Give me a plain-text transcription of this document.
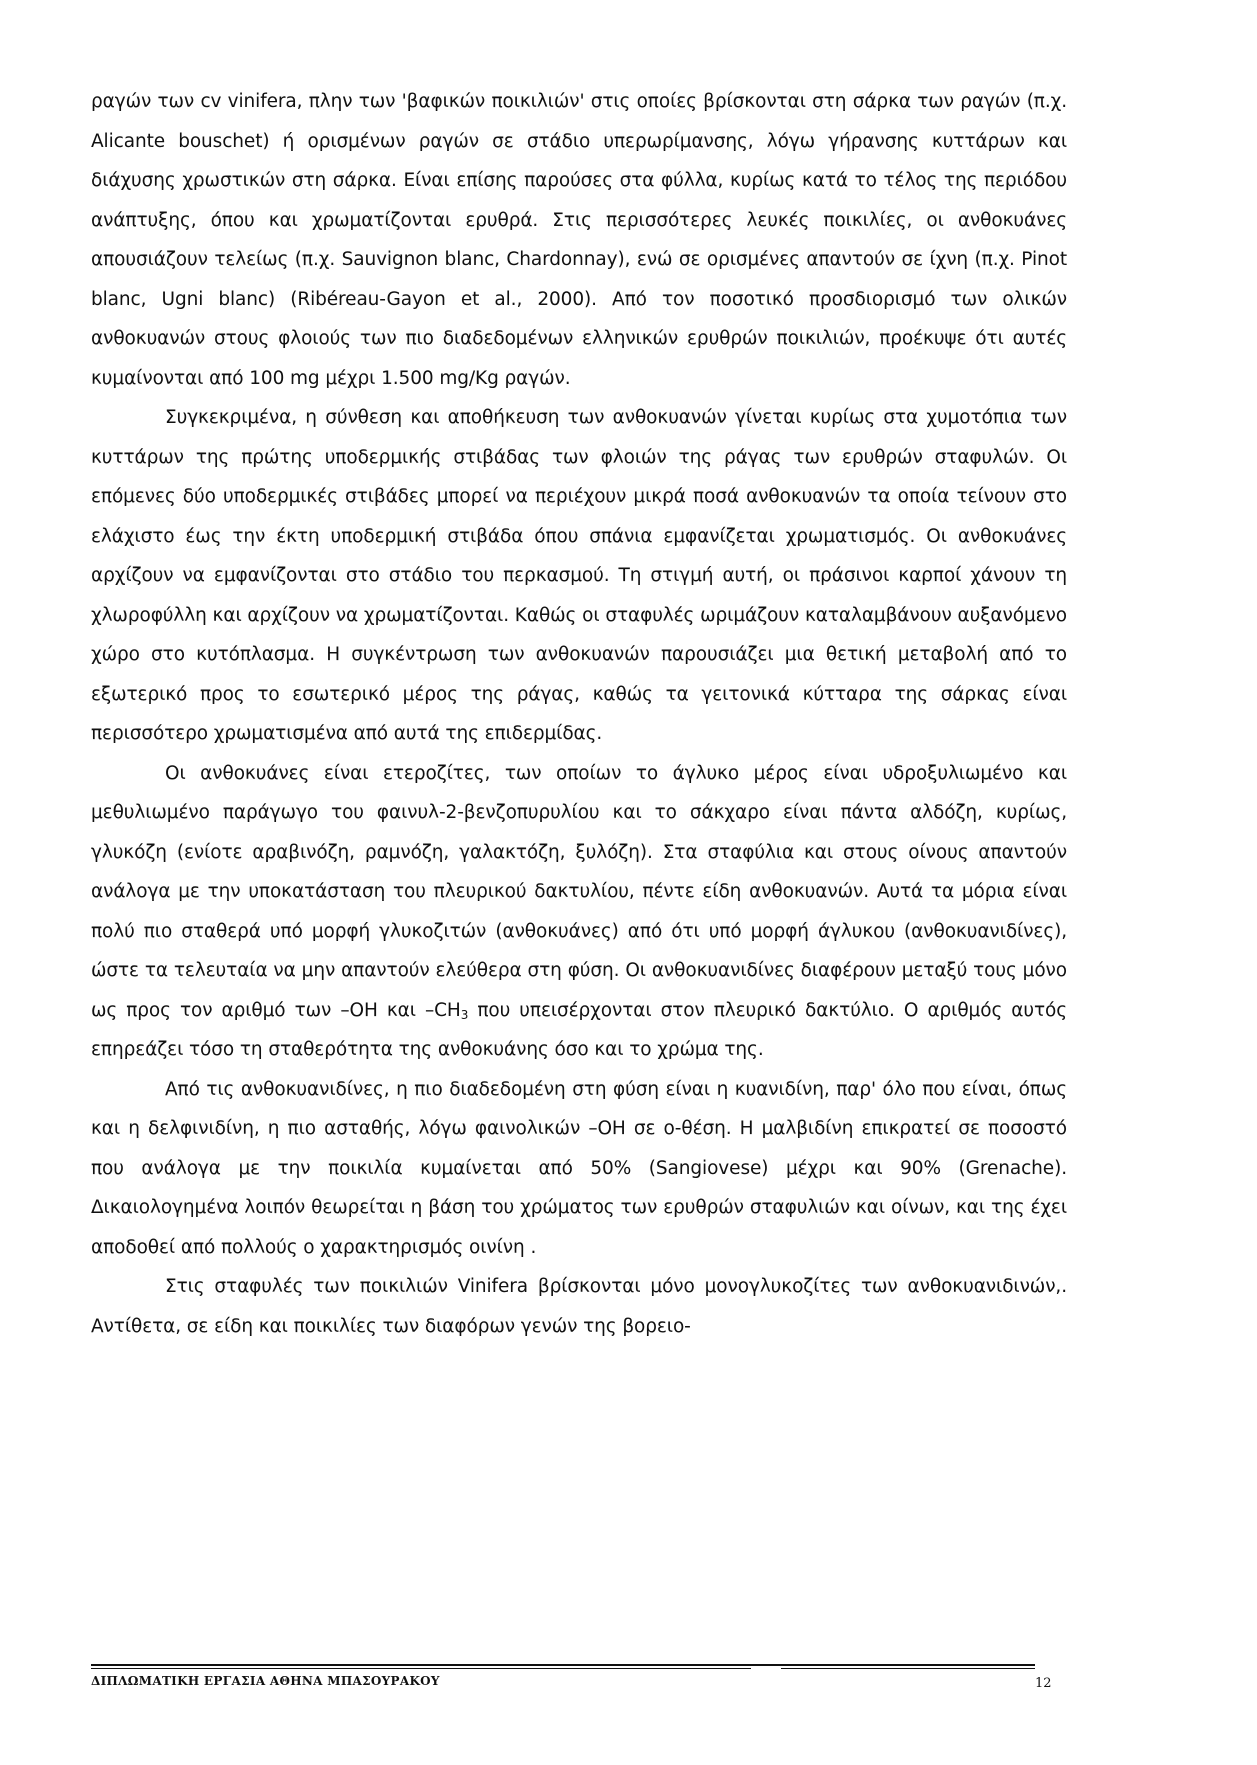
ραγών των cv vinifera, πλην των 'βαφικών ποικιλιών' στις οποίες βρίσκονται στη σάρκα των ραγών (π.χ. Alicante bouschet) ή ορισμένων ραγών σε στάδιο υπερωρίμανσης, λόγω γήρανσης κυττάρων και διάχυσης χρωστικών στη σάρκα. Είναι επίσης παρούσες στα φύλλα, κυρίως κατά το τέλος της περιόδου ανάπτυξης, όπου και χρωματίζονται ερυθρά. Στις περισσότερες λευκές ποικιλίες, οι ανθοκυάνες απουσιάζουν τελείως (π.χ. Sauvignon blanc, Chardonnay), ενώ σε ορισμένες απαντούν σε ίχνη (π.χ. Pinot blanc, Ugni blanc) (Ribéreau-Gayon et al., 2000). Από τον ποσοτικό προσδιορισμό των ολικών ανθοκυανών στους φλοιούς των πιο διαδεδομένων ελληνικών ερυθρών ποικιλιών, προέκυψε ότι αυτές κυμαίνονται από 100 mg μέχρι 1.500 mg/Kg ραγών.

Συγκεκριμένα, η σύνθεση και αποθήκευση των ανθοκυανών γίνεται κυρίως στα χυμοτόπια των κυττάρων της πρώτης υποδερμικής στιβάδας των φλοιών της ράγας των ερυθρών σταφυλών. Οι επόμενες δύο υποδερμικές στιβάδες μπορεί να περιέχουν μικρά ποσά ανθοκυανών τα οποία τείνουν στο ελάχιστο έως την έκτη υποδερμική στιβάδα όπου σπάνια εμφανίζεται χρωματισμός. Οι ανθοκυάνες αρχίζουν να εμφανίζονται στο στάδιο του περκασμού. Τη στιγμή αυτή, οι πράσινοι καρποί χάνουν τη χλωροφύλλη και αρχίζουν να χρωματίζονται. Καθώς οι σταφυλές ωριμάζουν καταλαμβάνουν αυξανόμενο χώρο στο κυτόπλασμα. Η συγκέντρωση των ανθοκυανών παρουσιάζει μια θετική μεταβολή από το εξωτερικό προς το εσωτερικό μέρος της ράγας, καθώς τα γειτονικά κύτταρα της σάρκας είναι περισσότερο χρωματισμένα από αυτά της επιδερμίδας.

Οι ανθοκυάνες είναι ετεροζίτες, των οποίων το άγλυκο μέρος είναι υδροξυλιωμένο και μεθυλιωμένο παράγωγο του φαινυλ-2-βενζοπυρυλίου και το σάκχαρο είναι πάντα αλδόζη, κυρίως, γλυκόζη (ενίοτε αραβινόζη, ραμνόζη, γαλακτόζη, ξυλόζη). Στα σταφύλια και στους οίνους απαντούν ανάλογα με την υποκατάσταση του πλευρικού δακτυλίου, πέντε είδη ανθοκυανών. Αυτά τα μόρια είναι πολύ πιο σταθερά υπό μορφή γλυκοζιτών (ανθοκυάνες) από ότι υπό μορφή άγλυκου (ανθοκυανιδίνες), ώστε τα τελευταία να μην απαντούν ελεύθερα στη φύση. Οι ανθοκυανιδίνες διαφέρουν μεταξύ τους μόνο ως προς τον αριθμό των –ΟΗ και $-CH_3$ που υπεισέρχονται στον πλευρικό δακτύλιο. Ο αριθμός αυτός επηρεάζει τόσο τη σταθερότητα της ανθοκυάνης όσο και το χρώμα της.

Από τις ανθοκυανιδίνες, η πιο διαδεδομένη στη φύση είναι η κυανιδίνη, παρ' όλο που είναι, όπως και η δελφινιδίνη, η πιο ασταθής, λόγω φαινολικών –ΟΗ σε ο-θέση. Η μαλβιδίνη επικρατεί σε ποσοστό που ανάλογα με την ποικιλία κυμαίνεται από 50% (Sangiovese) μέχρι και 90% (Grenache). Δικαιολογημένα λοιπόν θεωρείται η βάση του χρώματος των ερυθρών σταφυλιών και οίνων, και της έχει αποδοθεί από πολλούς ο χαρακτηρισμός οινίνη .

Στις σταφυλές των ποικιλιών Vinifera βρίσκονται μόνο μονογλυκοζίτες των ανθοκυανιδινών,. Αντίθετα, σε είδη και ποικιλίες των διαφόρων γενών της βορειο-

ΔΙΠΛΩΜΑΤΙΚΗ ΕΡΓΑΣΙΑ ΑΘΗΝΑ ΜΠΑΣΟΥΡΑΚΟΥ	12
